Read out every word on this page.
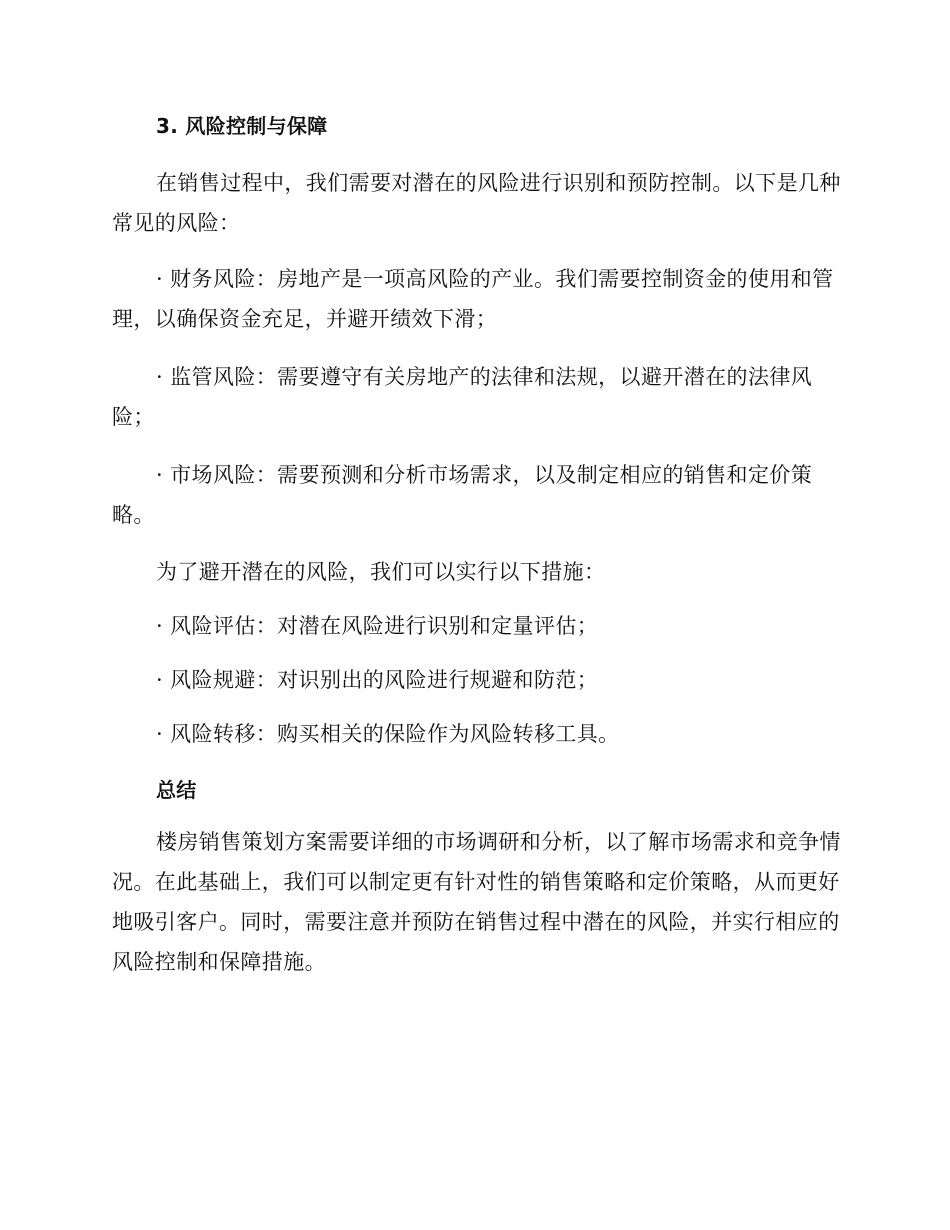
3. 风险控制与保障

在销售过程中，我们需要对潜在的风险进行识别和预防控制。以下是几种常见的风险：

· 财务风险：房地产是一项高风险的产业。我们需要控制资金的使用和管理，以确保资金充足，并避开绩效下滑；

· 监管风险：需要遵守有关房地产的法律和法规，以避开潜在的法律风险；

· 市场风险：需要预测和分析市场需求，以及制定相应的销售和定价策略。

为了避开潜在的风险，我们可以实行以下措施：

· 风险评估：对潜在风险进行识别和定量评估；

· 风险规避：对识别出的风险进行规避和防范；

· 风险转移：购买相关的保险作为风险转移工具。

总结

楼房销售策划方案需要详细的市场调研和分析，以了解市场需求和竞争情况。在此基础上，我们可以制定更有针对性的销售策略和定价策略，从而更好地吸引客户。同时，需要注意并预防在销售过程中潜在的风险，并实行相应的风险控制和保障措施。
